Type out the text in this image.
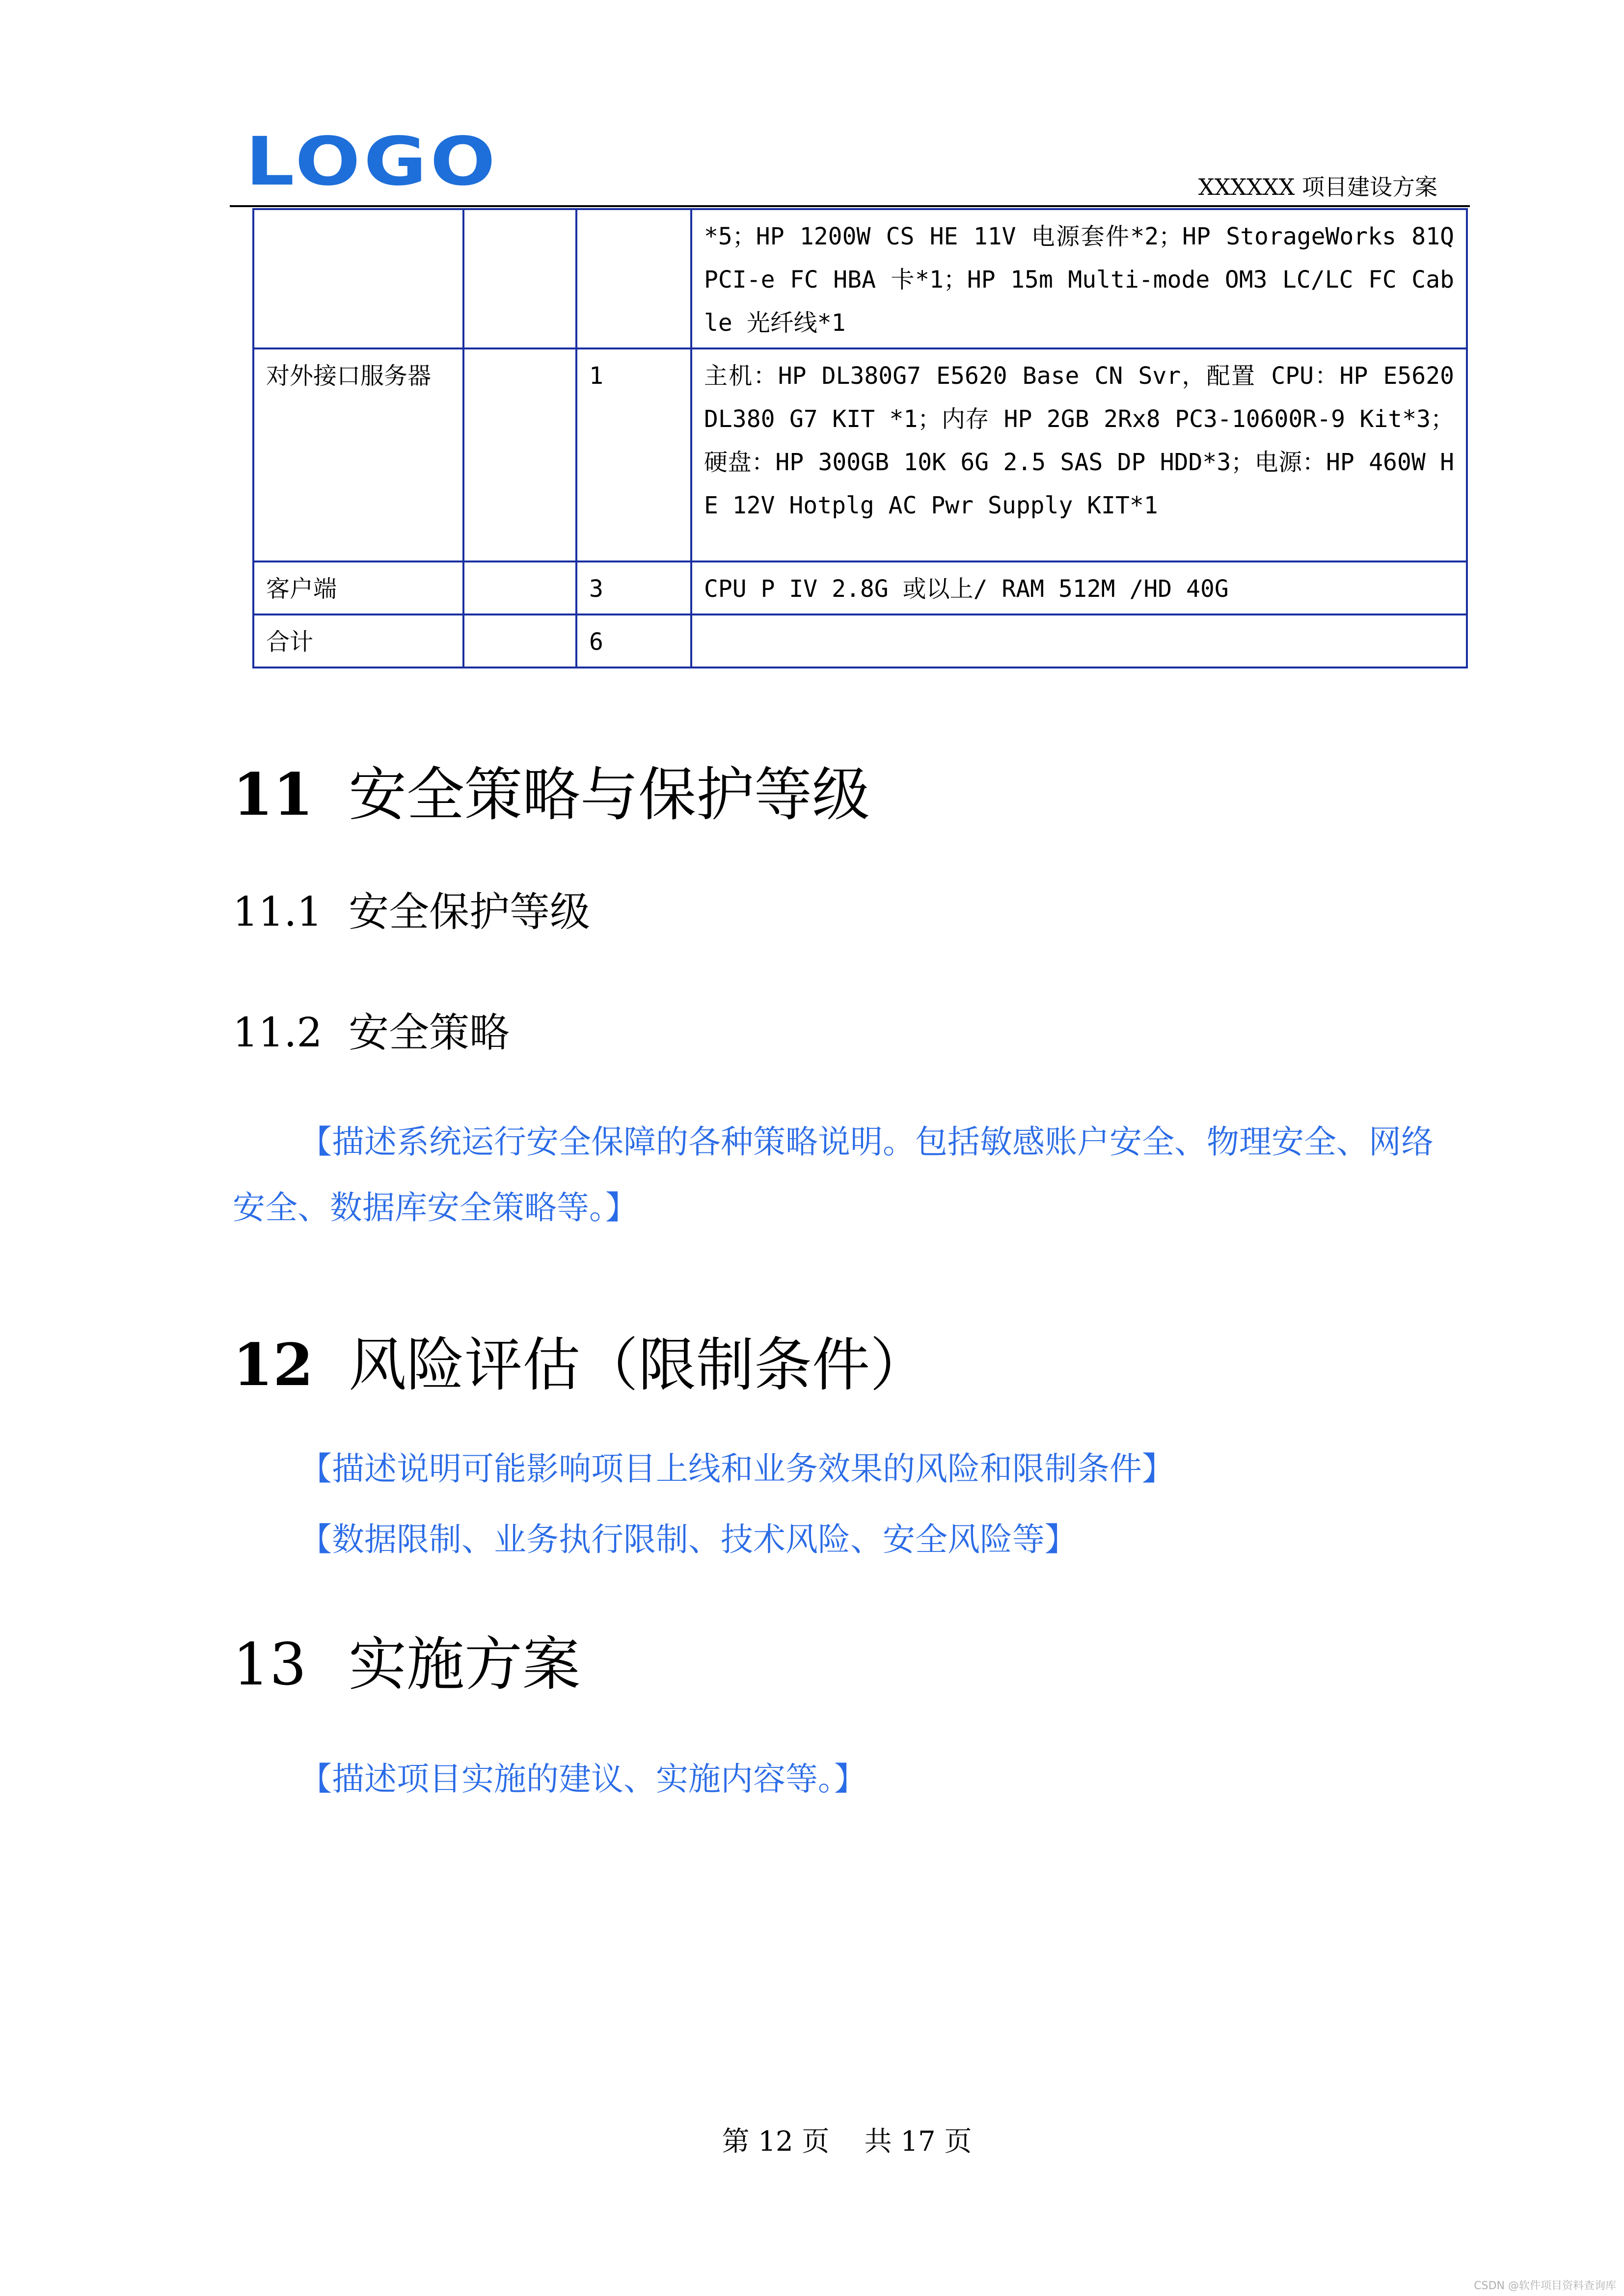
LOGO	XXXXXX 项目建设方案
			*5；HP 1200W CS HE 11V 电源套件*2；HP StorageWorks 81Q PCI-e FC HBA 卡*1；HP 15m Multi-mode OM3 LC/LC FC Cable 光纤线*1
对外接口服务器		1	主机：HP DL380G7 E5620 Base CN Svr，配置 CPU：HP E5620 DL380 G7 KIT *1；内存 HP 2GB 2Rx8 PC3-10600R-9 Kit*3；硬盘：HP 300GB 10K 6G 2.5 SAS DP HDD*3；电源：HP 460W HE 12V Hotplg AC Pwr Supply KIT*1
客户端		3	CPU P IV 2.8G 或以上/ RAM 512M /HD 40G
合计		6	
11 安全策略与保护等级
11.1 安全保护等级
11.2 安全策略
【描述系统运行安全保障的各种策略说明。包括敏感账户安全、物理安全、网络
安全、数据库安全策略等。】
12 风险评估（限制条件）
【描述说明可能影响项目上线和业务效果的风险和限制条件】
【数据限制、业务执行限制、技术风险、安全风险等】
13 实施方案
【描述项目实施的建议、实施内容等。】
第 12 页    共 17 页
CSDN @软件项目资料查询库
